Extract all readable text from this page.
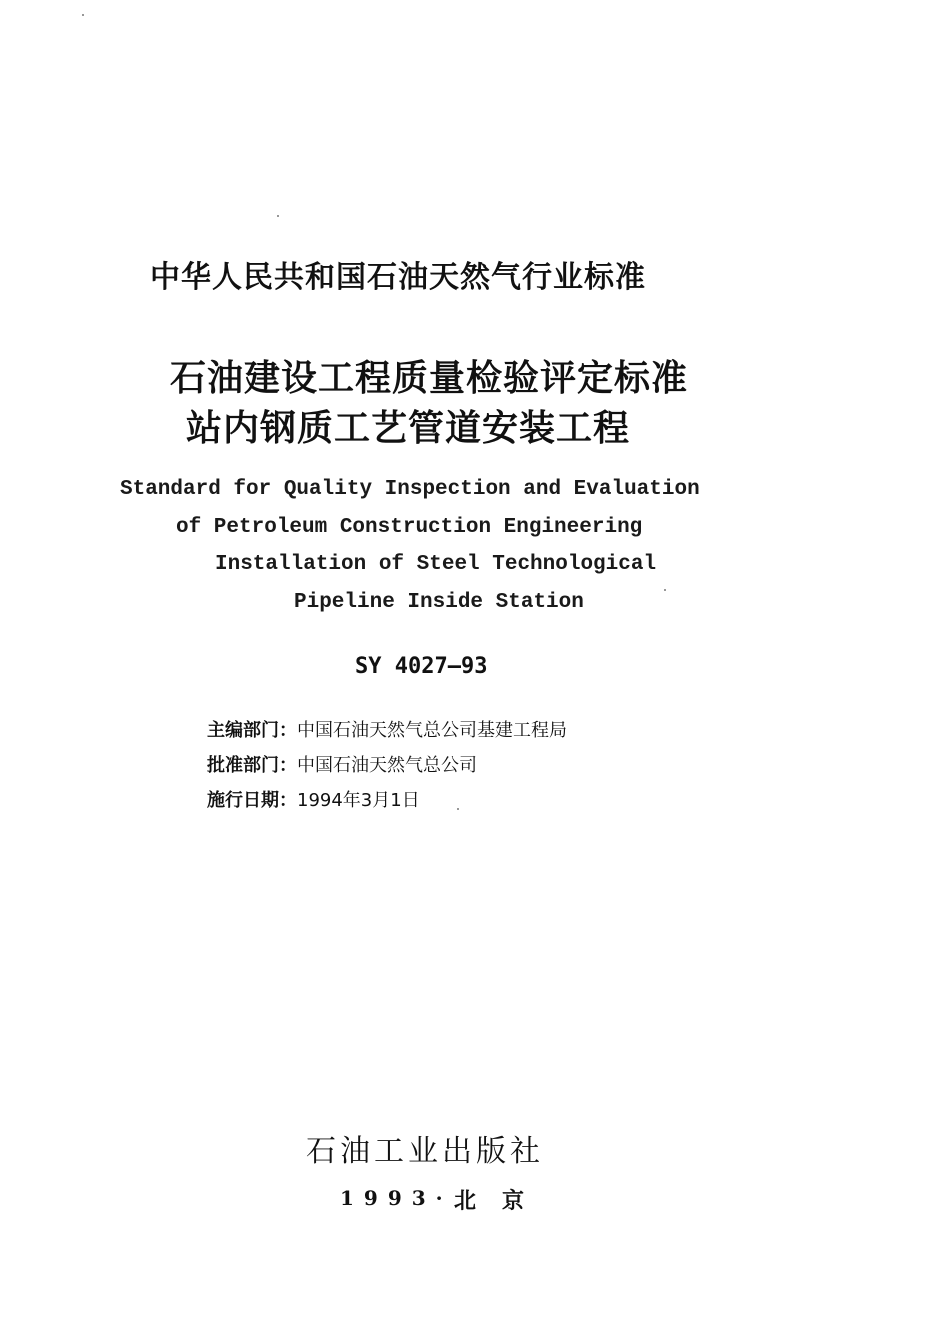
中华人民共和国石油天然气行业标准
石油建设工程质量检验评定标准
站内钢质工艺管道安装工程
Standard for Quality Inspection and Evaluation
of Petroleum Construction Engineering
Installation of Steel Technological
Pipeline Inside Station
SY 4027—93
主编部门：中国石油天然气总公司基建工程局
批准部门：中国石油天然气总公司
施行日期：1994年3月1日
石油工业出版社
1993· 北 京
